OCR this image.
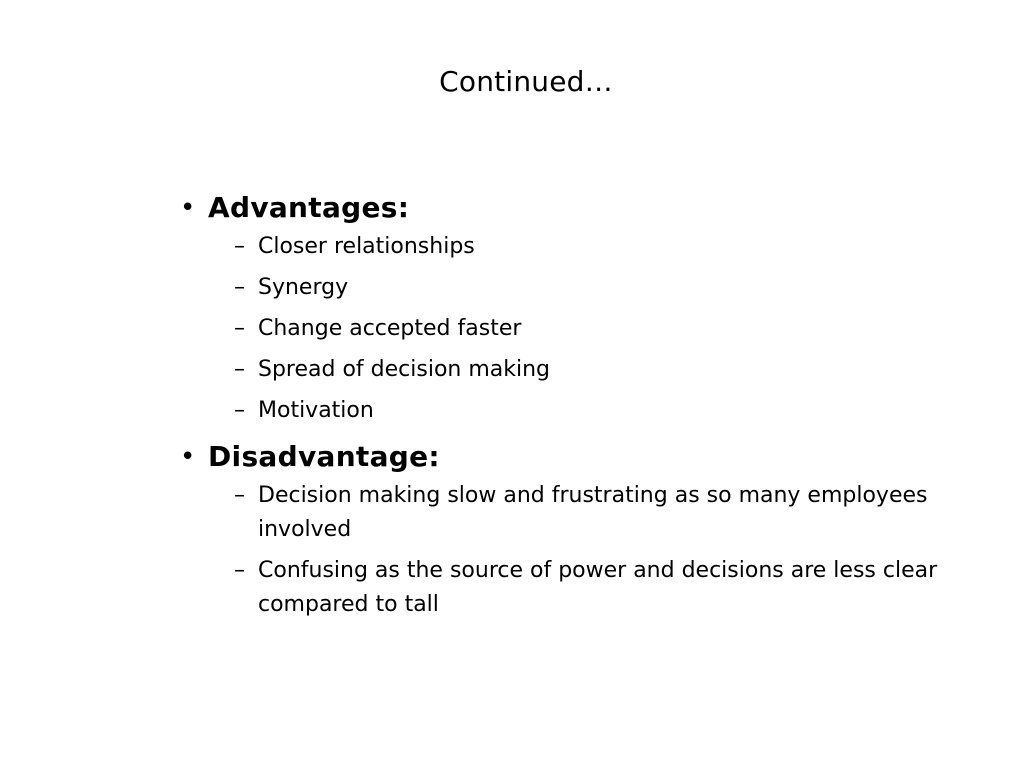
Continued…
• Advantages:
– Closer relationships
– Synergy
– Change accepted faster
– Spread of decision making
– Motivation
• Disadvantage:
– Decision making slow and frustrating as so many employees involved
– Confusing as the source of power and decisions are less clear compared to tall
